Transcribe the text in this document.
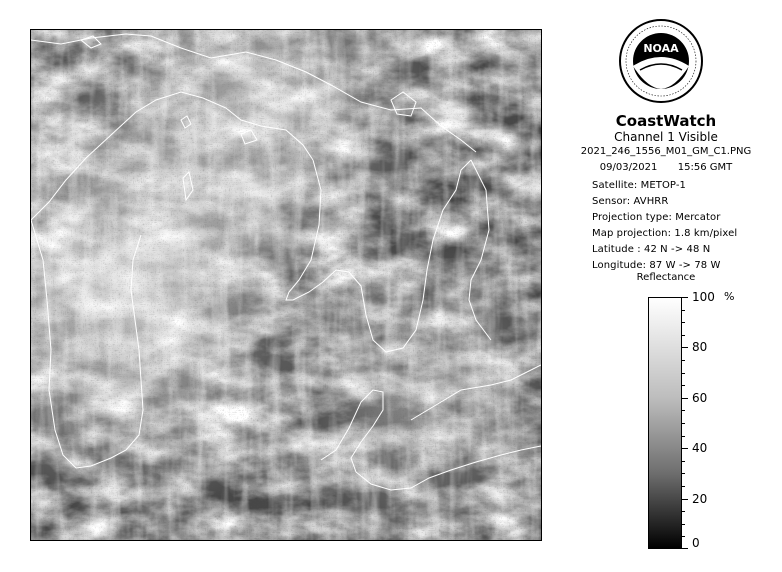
NOAA
CoastWatch
Channel 1 Visible
2021_246_1556_M01_GM_C1.PNG
09/03/2021 15:56 GMT
Satellite: METOP-1
Sensor: AVHRR
Projection type: Mercator
Map projection: 1.8 km/pixel
Latitude : 42 N -> 48 N
Longitude: 87 W -> 78 W
Reflectance
%
100
80
60
40
20
0
